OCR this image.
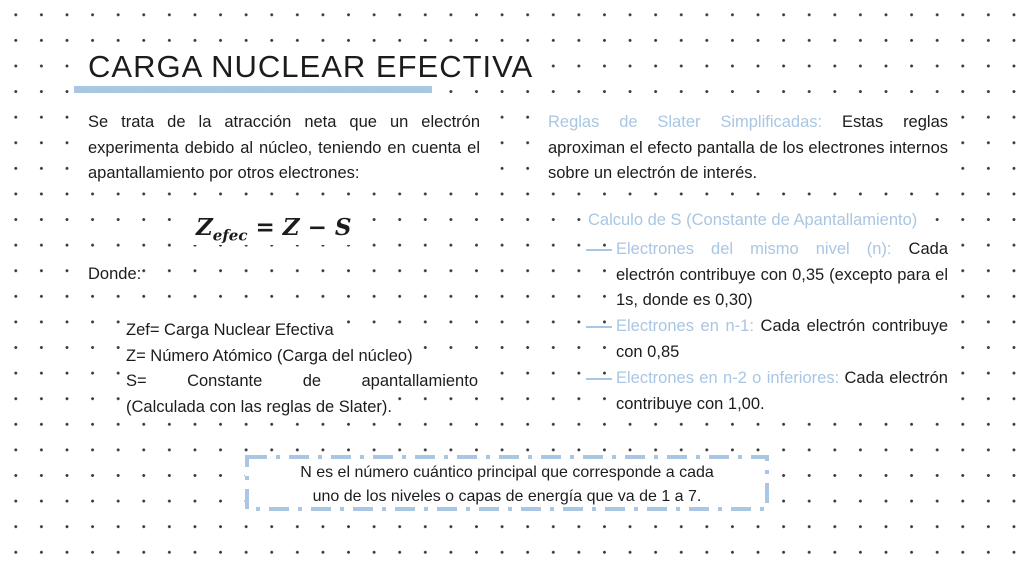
CARGA NUCLEAR EFECTIVA
Se trata de la atracción neta que un electrón experimenta debido al núcleo, teniendo en cuenta el apantallamiento por otros electrones:
$Z_{efec} = Z - S$
Donde:
Zef= Carga Nuclear Efectiva
Z= Número Atómico (Carga del núcleo)
S= Constante de apantallamiento
(Calculada con las reglas de Slater).
Reglas de Slater Simplificadas: Estas reglas aproximan el efecto pantalla de los electrones internos sobre un electrón de interés.
Calculo de S (Constante de Apantallamiento)
Electrones del mismo nivel (n): Cada electrón contribuye con 0,35 (excepto para el 1s, donde es 0,30)
Electrones en n-1: Cada electrón contribuye con 0,85
Electrones en n-2 o inferiores: Cada electrón contribuye con 1,00.
N es el número cuántico principal que corresponde a cada
uno de los niveles o capas de energía que va de 1 a 7.
